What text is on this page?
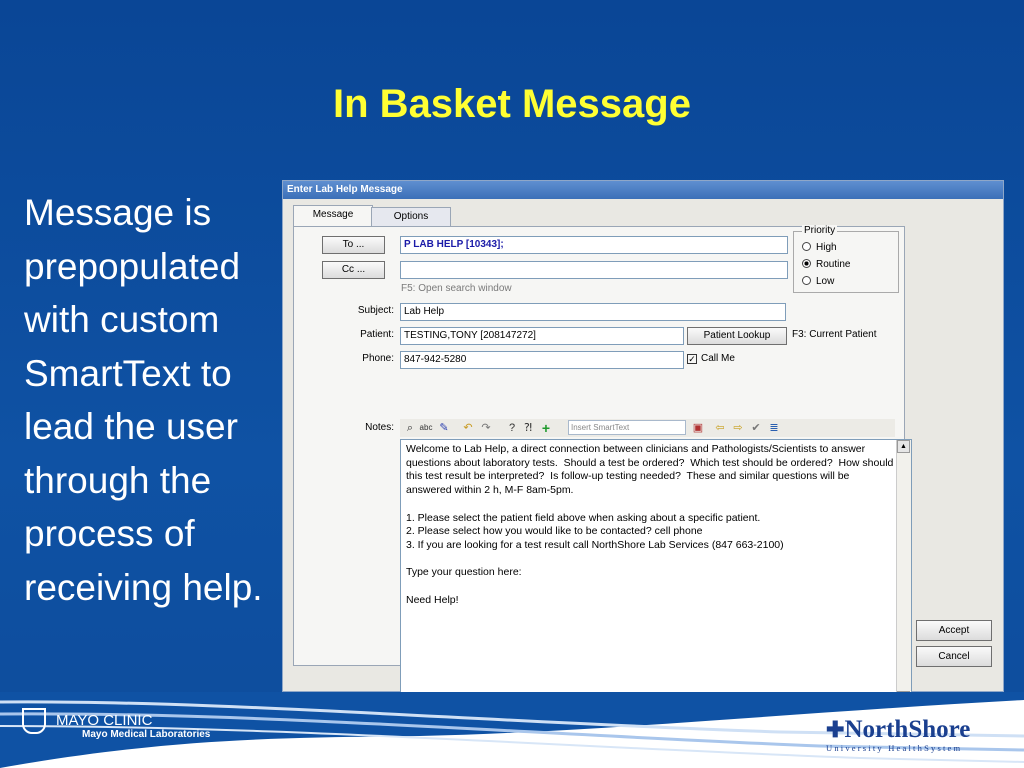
In Basket Message
Message is prepopulated with custom SmartText to lead the user through the process of receiving help.
Enter Lab Help Message
Message	Options
To ...	P LAB HELP [10343];
Cc ...
F5: Open search window
Priority
High
Routine
Low
Subject:	Lab Help
Patient:	TESTING,TONY [208147272]	Patient Lookup	F3: Current Patient
Phone:	847-942-5280	✓ Call Me
Notes:	⌕ abc ✎	↶ ↷	? ⁈ +	Insert SmartText	▣	⇦ ⇨ ✔ ≣
Welcome to Lab Help, a direct connection between clinicians and Pathologists/Scientists to answer questions about laboratory tests.  Should a test be ordered?  Which test should be ordered?  How should this test result be interpreted?  Is follow-up testing needed?  These and similar questions will be answered within 2 h, M-F 8am-5pm.

1. Please select the patient field above when asking about a specific patient.
2. Please select how you would like to be contacted? cell phone
3. If you are looking for a test result call NorthShore Lab Services (847 663-2100)

Type your question here:

Need Help!
▲
Accept
Cancel
MAYO CLINIC
Mayo Medical Laboratories	✚NorthShore
University HealthSystem
